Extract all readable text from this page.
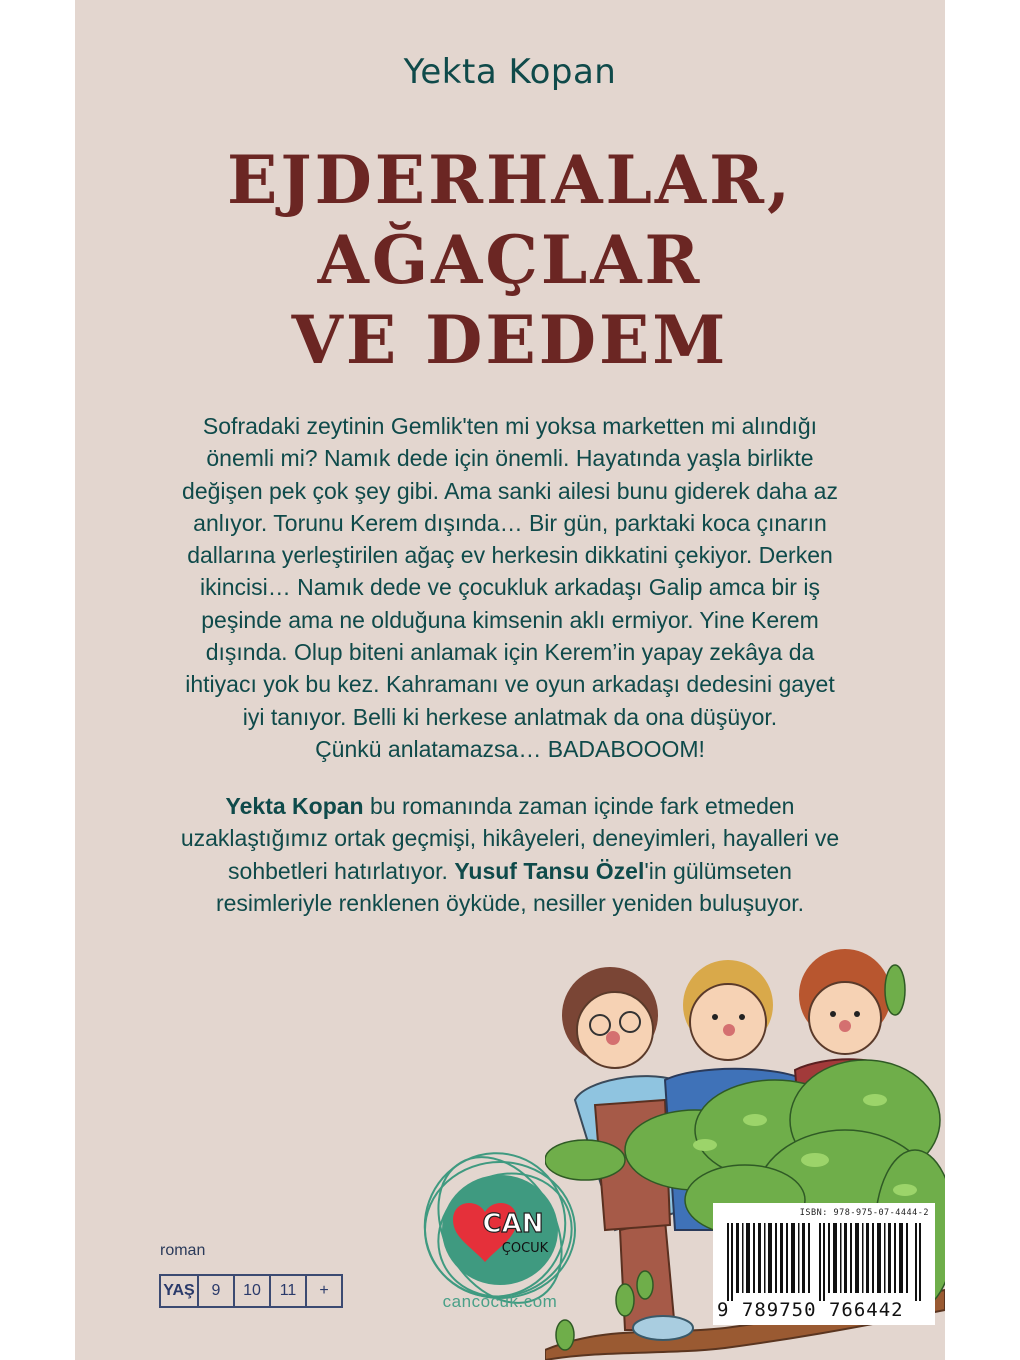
Yekta Kopan
EJDERHALAR,
AĞAÇLAR
VE DEDEM
Sofradaki zeytinin Gemlik'ten mi yoksa marketten mi alındığı önemli mi? Namık dede için önemli. Hayatında yaşla birlikte değişen pek çok şey gibi. Ama sanki ailesi bunu giderek daha az anlıyor. Torunu Kerem dışında… Bir gün, parktaki koca çınarın dallarına yerleştirilen ağaç ev herkesin dikkatini çekiyor. Derken ikincisi… Namık dede ve çocukluk arkadaşı Galip amca bir iş peşinde ama ne olduğuna kimsenin aklı ermiyor. Yine Kerem dışında. Olup biteni anlamak için Kerem’in yapay zekâya da ihtiyacı yok bu kez. Kahramanı ve oyun arkadaşı dedesini gayet iyi tanıyor. Belli ki herkese anlatmak da ona düşüyor.
Çünkü anlatamazsa… BADABOOOM!
Yekta Kopan bu romanında zaman içinde fark etmeden uzaklaştığımız ortak geçmişi, hikâyeleri, deneyimleri, hayalleri ve sohbetleri hatırlatıyor. Yusuf Tansu Özel'in gülümseten resimleriyle renklenen öyküde, nesiller yeniden buluşuyor.
CAN
ÇOCUK
cancocuk.com
roman
YAŞ	9	10	11	+
ISBN: 978-975-07-4444-2
9 789750 766442
